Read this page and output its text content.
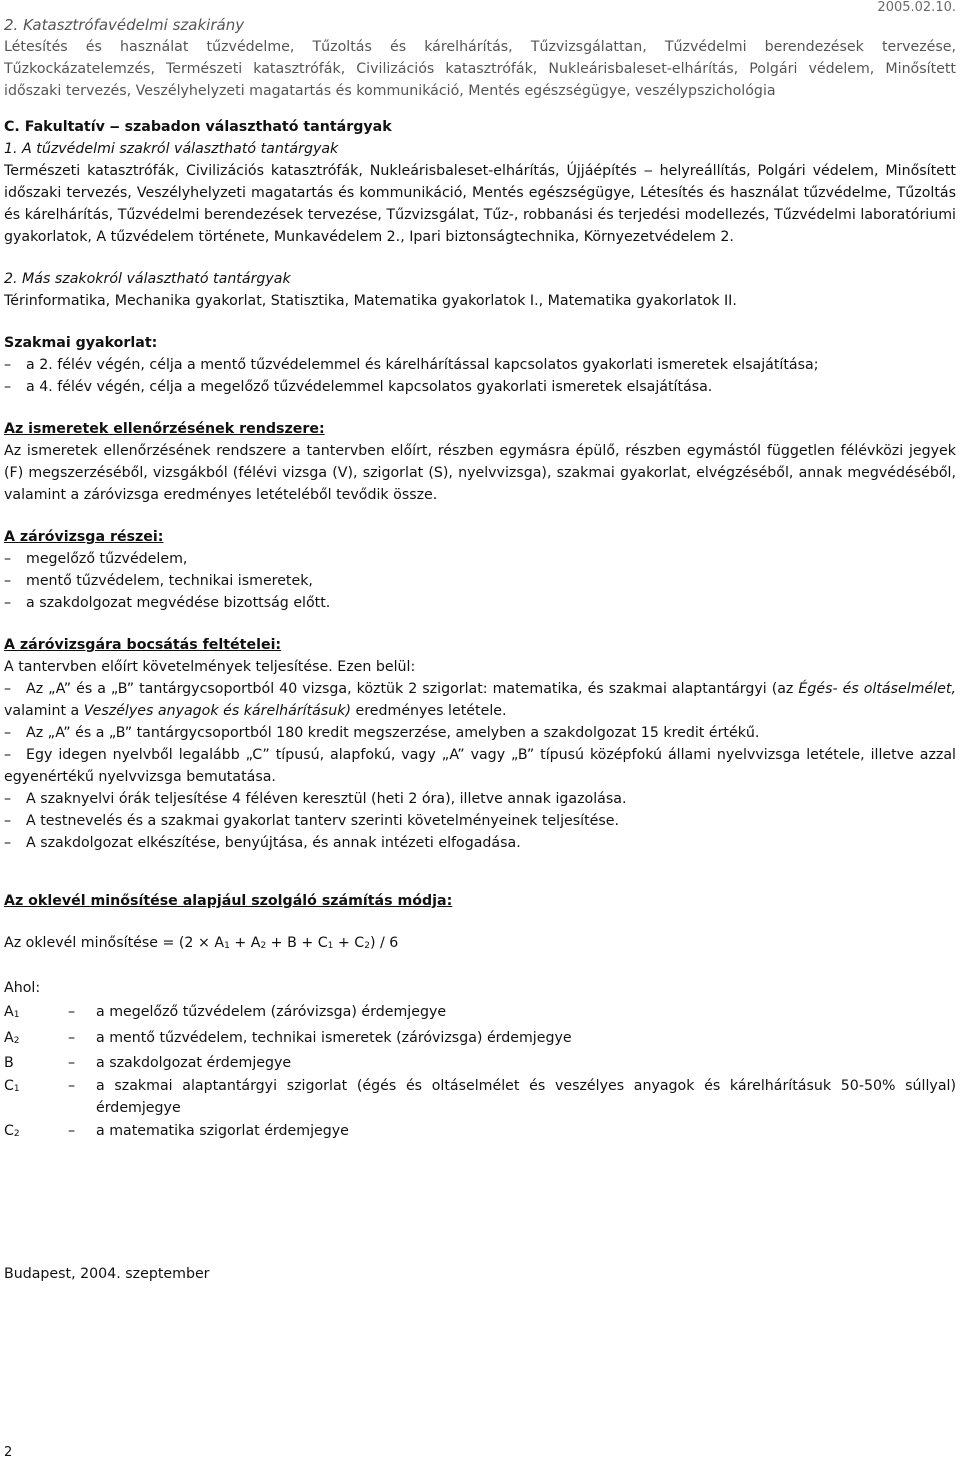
2005.02.10.

2. Katasztrófavédelmi szakirány

Létesítés és használat tűzvédelme, Tűzoltás és kárelhárítás, Tűzvizsgálattan, Tűzvédelmi berendezések tervezése, Tűzkockázatelemzés, Természeti katasztrófák, Civilizációs katasztrófák, Nukleárisbaleset-elhárítás, Polgári védelem, Minősített időszaki tervezés, Veszélyhelyzeti magatartás és kommunikáció, Mentés egészségügye, veszélypszichológia

C. Fakultatív ‒ szabadon választható tantárgyak

1. A tűzvédelmi szakról választható tantárgyak

Természeti katasztrófák, Civilizációs katasztrófák, Nukleárisbaleset-elhárítás, Újjáépítés ‒ helyreállítás, Polgári védelem, Minősített időszaki tervezés, Veszélyhelyzeti magatartás és kommunikáció, Mentés egészségügye, Létesítés és használat tűzvédelme, Tűzoltás és kárelhárítás, Tűzvédelmi berendezések tervezése, Tűzvizsgálat, Tűz-, robbanási és terjedési modellezés, Tűzvédelmi laboratóriumi gyakorlatok, A tűzvédelem története, Munkavédelem 2., Ipari biztonságtechnika, Környezetvédelem 2.

2. Más szakokról választható tantárgyak

Térinformatika, Mechanika gyakorlat, Statisztika, Matematika gyakorlatok I., Matematika gyakorlatok II.

Szakmai gyakorlat:

– a 2. félév végén, célja a mentő tűzvédelemmel és kárelhárítással kapcsolatos gyakorlati ismeretek elsajátítása;

– a 4. félév végén, célja a megelőző tűzvédelemmel kapcsolatos gyakorlati ismeretek elsajátítása.

Az ismeretek ellenőrzésének rendszere:

Az ismeretek ellenőrzésének rendszere a tantervben előírt, részben egymásra épülő, részben egymástól független félévközi jegyek (F) megszerzéséből, vizsgákból (félévi vizsga (V), szigorlat (S), nyelvvizsga), szakmai gyakorlat, elvégzéséből, annak megvédéséből, valamint a záróvizsga eredményes letételéből tevődik össze.

A záróvizsga részei:

– megelőző tűzvédelem,

– mentő tűzvédelem, technikai ismeretek,

– a szakdolgozat megvédése bizottság előtt.

A záróvizsgára bocsátás feltételei:

A tantervben előírt követelmények teljesítése. Ezen belül:

– Az „A” és a „B” tantárgycsoportból 40 vizsga, köztük 2 szigorlat: matematika, és szakmai alaptantárgyi (az Égés- és oltáselmélet, valamint a Veszélyes anyagok és kárelhárításuk) eredményes letétele.

– Az „A” és a „B” tantárgycsoportból 180 kredit megszerzése, amelyben a szakdolgozat 15 kredit értékű.

– Egy idegen nyelvből legalább „C” típusú, alapfokú, vagy „A” vagy „B” típusú középfokú állami nyelvvizsga letétele, illetve azzal egyenértékű nyelvvizsga bemutatása.

– A szaknyelvi órák teljesítése 4 féléven keresztül (heti 2 óra), illetve annak igazolása.

– A testnevelés és a szakmai gyakorlat tanterv szerinti követelményeinek teljesítése.

– A szakdolgozat elkészítése, benyújtása, és annak intézeti elfogadása.

Az oklevél minősítése alapjául szolgáló számítás módja:

Az oklevél minősítése = $(2 \times A_1 + A_2 + B + C_1 + C_2) / 6$

Ahol:

$A_1$	–	a megelőző tűzvédelem (záróvizsga) érdemjegye
$A_2$	–	a mentő tűzvédelem, technikai ismeretek (záróvizsga) érdemjegye
B	–	a szakdolgozat érdemjegye
$C_1$	–	a szakmai alaptantárgyi szigorlat (égés és oltáselmélet és veszélyes anyagok és kárelhárításuk 50-50% súllyal) érdemjegye
$C_2$	–	a matematika szigorlat érdemjegye

Budapest, 2004. szeptember

2
